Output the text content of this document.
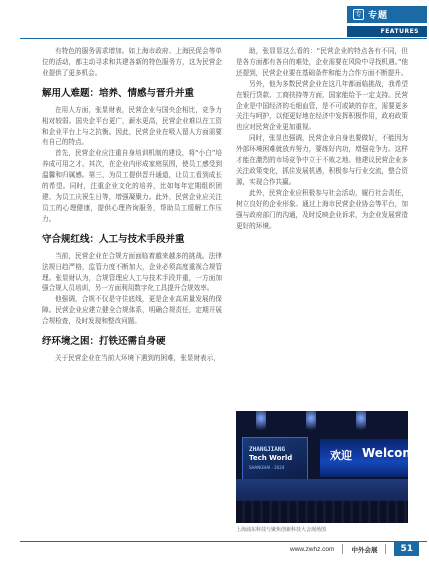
专 专题
FEATURES

有特色的服务需求增加。如上海市政府、上海民促会等单位的活动，都主动寻求和共建各新的特色服务方，这为民营企业提供了更多机会。

解用人难题：培养、情感与晋升并重

在用人方面，张显财表，民营企业与国央企相比，竞争力相对较弱。国央企平台更广，薪水更高，民营企业难以在工资和企业平台上与之抗衡。因此，民营企业在吸人留人方面需要有自己的特点。

首先，民营企业应注重自身培训机制的建设，将“小白”培养成可用之才。其次，在企业内形成家庭氛围，使员工感受到温馨和归属感。第三，为员工提供晋升通道，让员工看到成长的希望。同时，注重企业文化的培养，比如每年定期组织团建、为员工庆祝生日等，增强凝聚力。此外，民营企业应关注员工的心理健康，提供心理咨询服务，帮助员工缓解工作压力。

守合规红线：人工与技术手段并重

当前，民营企业在合规方面面临着越来越多的挑战。法律法规日趋严格，监管力度不断加大，企业必须高度重视合规管理。张显财认为，合规管理应人工与技术手段并重，一方面加强合规人员培训，另一方面利用数字化工具提升合规效率。

他强调，合规不仅是守住底线，更是企业高质量发展的保障。民营企业应建立健全合规体系，明确合规责任，定期开展合规检查，及时发现和整改问题。

纾环境之困：打铁还需自身硬

关于民营企业在当前大环境下遇到的困难，张显财表示，

助，张显显这么看的：“民营企业的特点各有不同，但是各方面都有各自的难处，企业需要在风险中寻找机遇。”他还提到，民营企业要在基础条件和能力合作方面不断提升。

另外，他为多数民营企业在这几年都面临挑战，我希望在银行贷款、工商扶持等方面，国家能给予一定支持。民营企业是中国经济的毛细血管，是不可或缺的存在，需要更多关注与呵护，以便更好地在经济中发挥积极作用，政府政策也应对民营企业更加重视。

同时，张显也强调，民营企业自身也要做好，不能因为外部环境困难就放弃努力，要练好内功，增强竞争力。这样才能在激烈的市场竞争中立于不败之地。他建议民营企业多关注政策变化，抓住发展机遇，积极参与行业交流，整合资源，实现合作共赢。

此外，民营企业应积极参与社会活动，履行社会责任，树立良好的企业形象。通过上海市民营企业协会等平台，加强与政府部门的沟通，及时反映企业诉求，为企业发展营造更好的环境。

ZHANGJIANG
Tech World
SHANGHAI · 2024
欢迎 Welcome!
上海浦东科技与聚焦创新科技大会现场图
www.zwhz.com	中外会展	51
